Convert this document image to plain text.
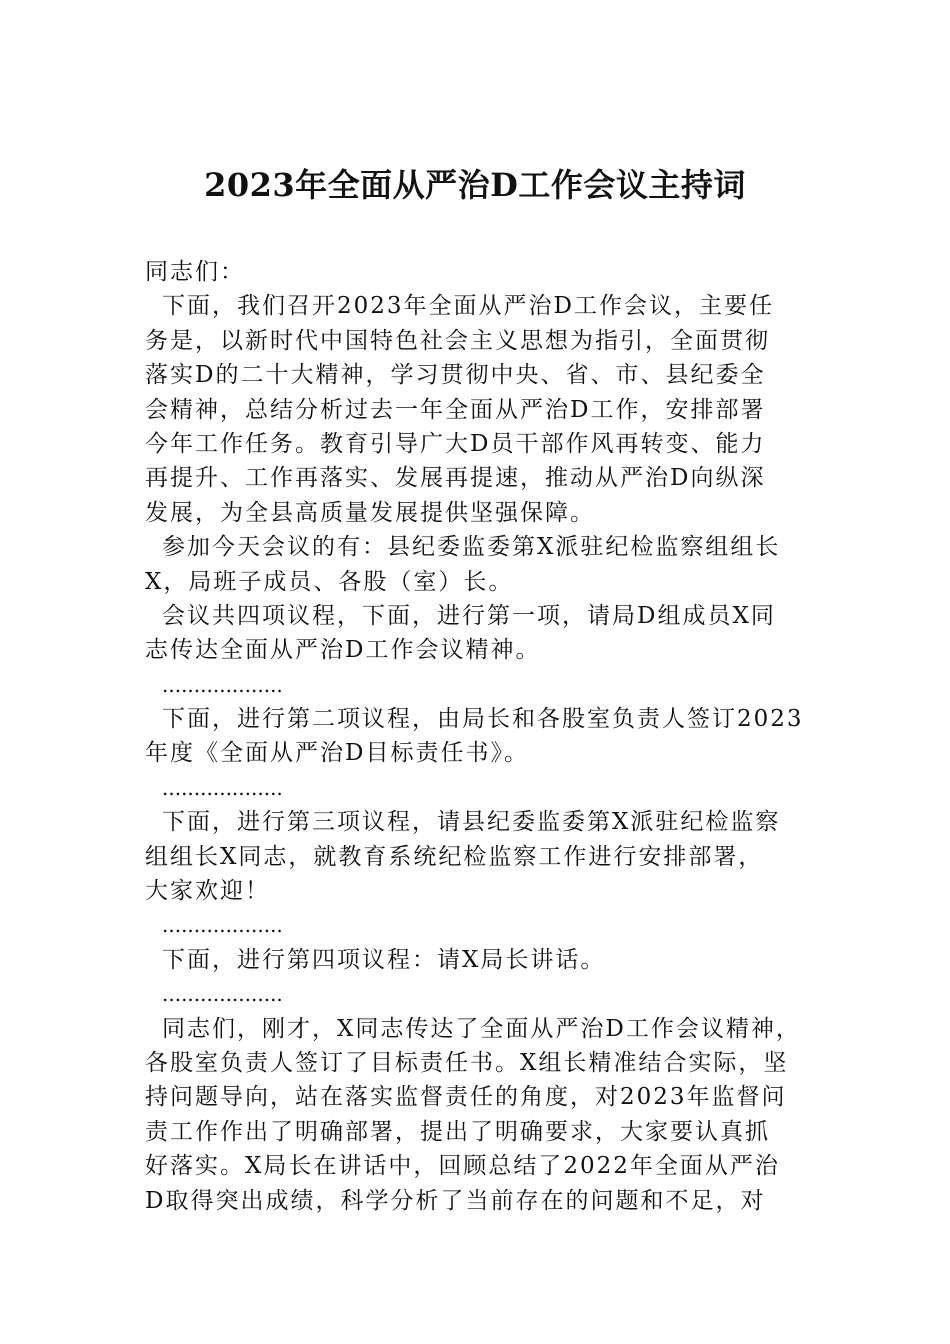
2023年全面从严治D工作会议主持词
同志们：
下面，我们召开2023年全面从严治D工作会议，主要任
务是，以新时代中国特色社会主义思想为指引，全面贯彻
落实D的二十大精神，学习贯彻中央、省、市、县纪委全
会精神，总结分析过去一年全面从严治D工作，安排部署
今年工作任务。教育引导广大D员干部作风再转变、能力
再提升、工作再落实、发展再提速，推动从严治D向纵深
发展，为全县高质量发展提供坚强保障。
参加今天会议的有：县纪委监委第X派驻纪检监察组组长
X，局班子成员、各股（室）长。
会议共四项议程，下面，进行第一项，请局D组成员X同
志传达全面从严治D工作会议精神。
...................
下面，进行第二项议程，由局长和各股室负责人签订2023
年度《全面从严治D目标责任书》。
...................
下面，进行第三项议程，请县纪委监委第X派驻纪检监察
组组长X同志，就教育系统纪检监察工作进行安排部署，
大家欢迎！
...................
下面，进行第四项议程：请X局长讲话。
...................
同志们，刚才，X同志传达了全面从严治D工作会议精神，
各股室负责人签订了目标责任书。X组长精准结合实际，坚
持问题导向，站在落实监督责任的角度，对2023年监督问
责工作作出了明确部署，提出了明确要求，大家要认真抓
好落实。X局长在讲话中，回顾总结了2022年全面从严治
D取得突出成绩，科学分析了当前存在的问题和不足，对
